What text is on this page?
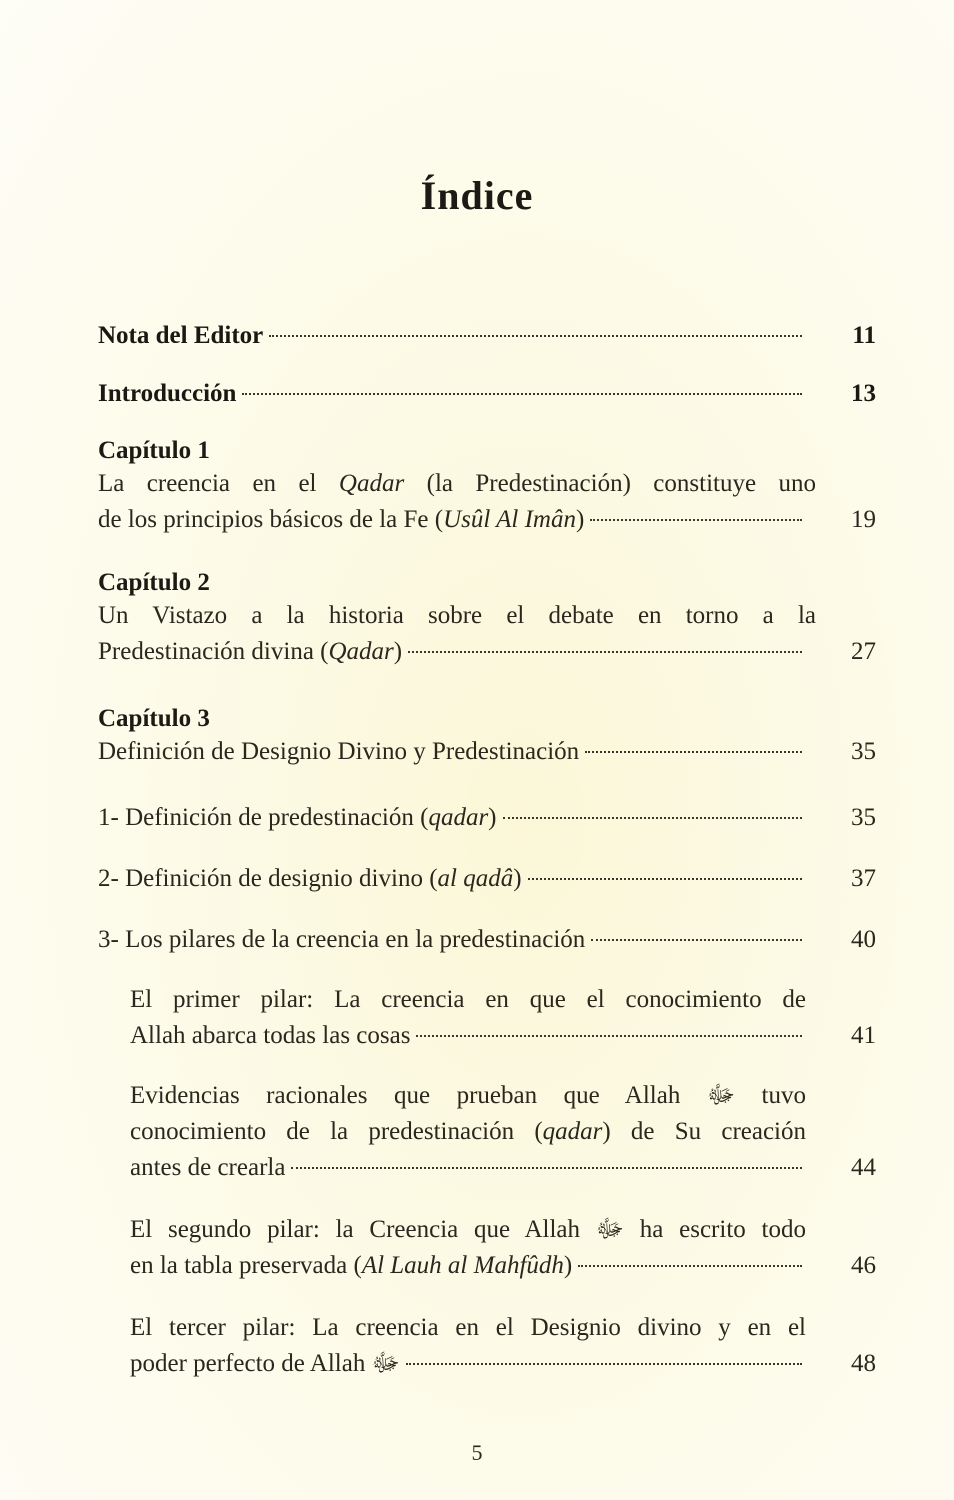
Índice
Nota del Editor	11
Introducción	13
Capítulo 1
La creencia en el Qadar (la Predestinación) constituye uno
de los principios básicos de la Fe (Usûl Al Imân)	19
Capítulo 2
Un Vistazo a la historia sobre el debate en torno a la
Predestinación divina (Qadar)	27
Capítulo 3
Definición de Designio Divino y Predestinación	35
1- Definición de predestinación (qadar)	35
2- Definición de designio divino (al qadâ)	37
3- Los pilares de la creencia en la predestinación	40
El primer pilar: La creencia en que el conocimiento de
Allah abarca todas las cosas	41
Evidencias racionales que prueban que Allah ﷻ tuvo
conocimiento de la predestinación (qadar) de Su creación
antes de crearla	44
El segundo pilar: la Creencia que Allah ﷻ ha escrito todo
en la tabla preservada (Al Lauh al Mahfûdh)	46
El tercer pilar: La creencia en el Designio divino y en el
poder perfecto de Allah ﷻ	48
5
